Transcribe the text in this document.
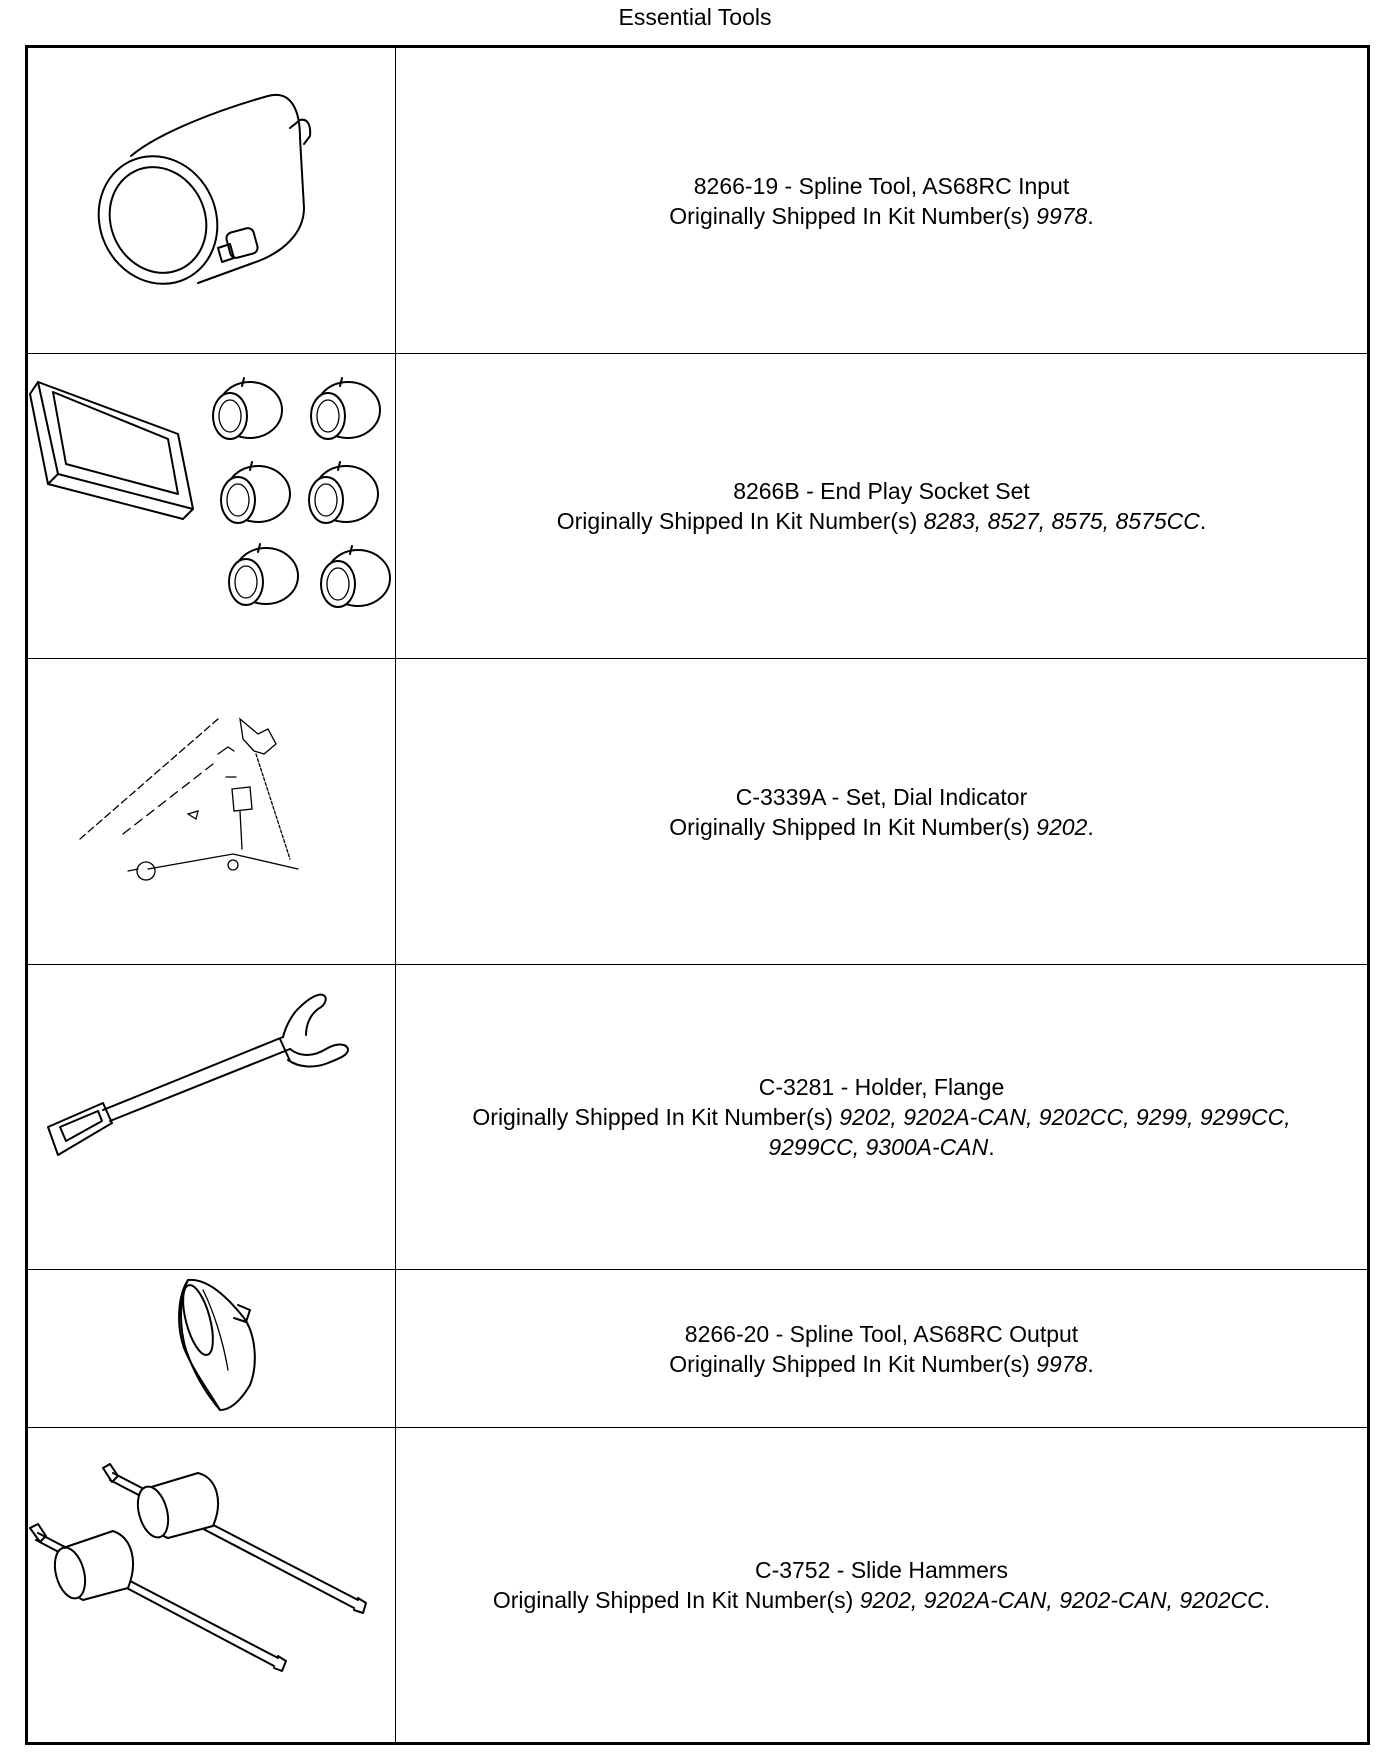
Essential Tools
8266-19 - Spline Tool, AS68RC Input
Originally Shipped In Kit Number(s) 9978.
8266B - End Play Socket Set
Originally Shipped In Kit Number(s) 8283, 8527, 8575, 8575CC.
C-3339A - Set, Dial Indicator
Originally Shipped In Kit Number(s) 9202.
C-3281 - Holder, Flange
Originally Shipped In Kit Number(s) 9202, 9202A-CAN, 9202CC, 9299, 9299CC,
9299CC, 9300A-CAN.
8266-20 - Spline Tool, AS68RC Output
Originally Shipped In Kit Number(s) 9978.
C-3752 - Slide Hammers
Originally Shipped In Kit Number(s) 9202, 9202A-CAN, 9202-CAN, 9202CC.
